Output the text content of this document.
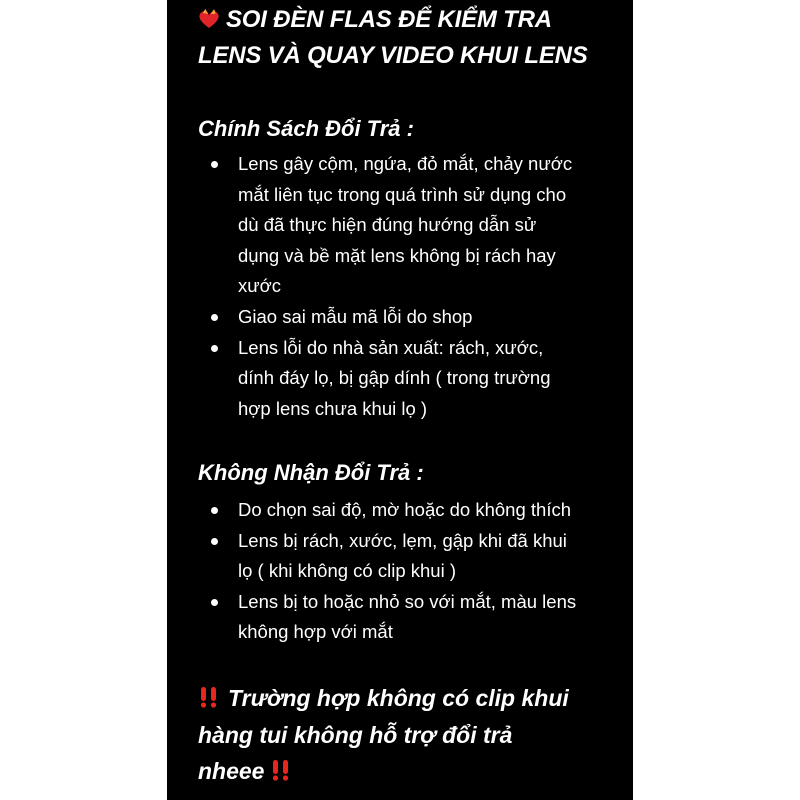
SOI ĐÈN FLAS ĐỂ KIỂM TRA
LENS VÀ QUAY VIDEO KHUI LENS
Chính Sách Đổi Trả :
Lens gây cộm, ngứa, đỏ mắt, chảy nước
mắt liên tục trong quá trình sử dụng cho
dù đã thực hiện đúng hướng dẫn sử
dụng và bề mặt lens không bị rách hay
xước
Giao sai mẫu mã lỗi do shop
Lens lỗi do nhà sản xuất: rách, xước,
dính đáy lọ, bị gập dính ( trong trường
hợp lens chưa khui lọ )
Không Nhận Đổi Trả :
Do chọn sai độ, mờ hoặc do không thích
Lens bị rách, xước, lẹm, gập khi đã khui
lọ ( khi không có clip khui )
Lens bị to hoặc nhỏ so với mắt, màu lens
không hợp với mắt
Trường hợp không có clip khui
hàng tui không hỗ trợ đổi trả
nheee
